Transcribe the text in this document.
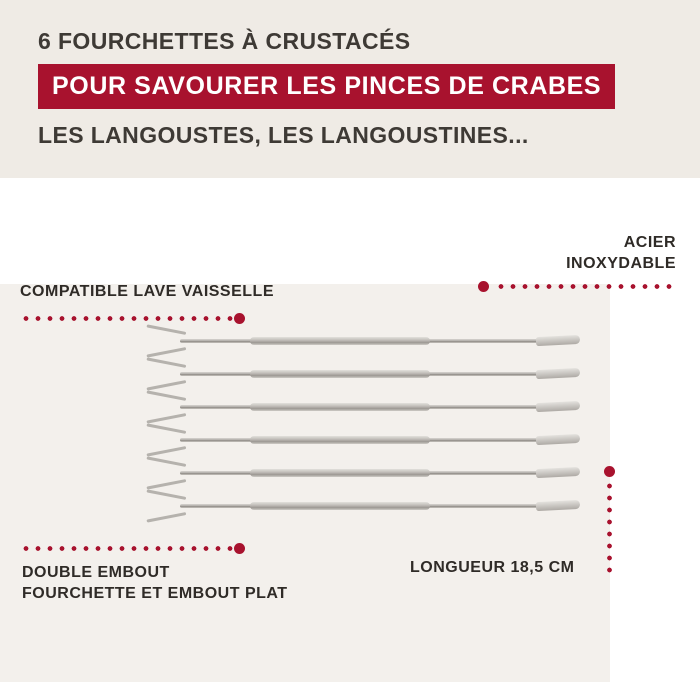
6 FOURCHETTES À CRUSTACÉS
POUR SAVOURER LES PINCES DE CRABES
LES LANGOUSTES, LES LANGOUSTINES...
ACIER
INOXYDABLE
COMPATIBLE LAVE VAISSELLE
DOUBLE EMBOUT
FOURCHETTE ET EMBOUT PLAT
LONGUEUR 18,5 CM
